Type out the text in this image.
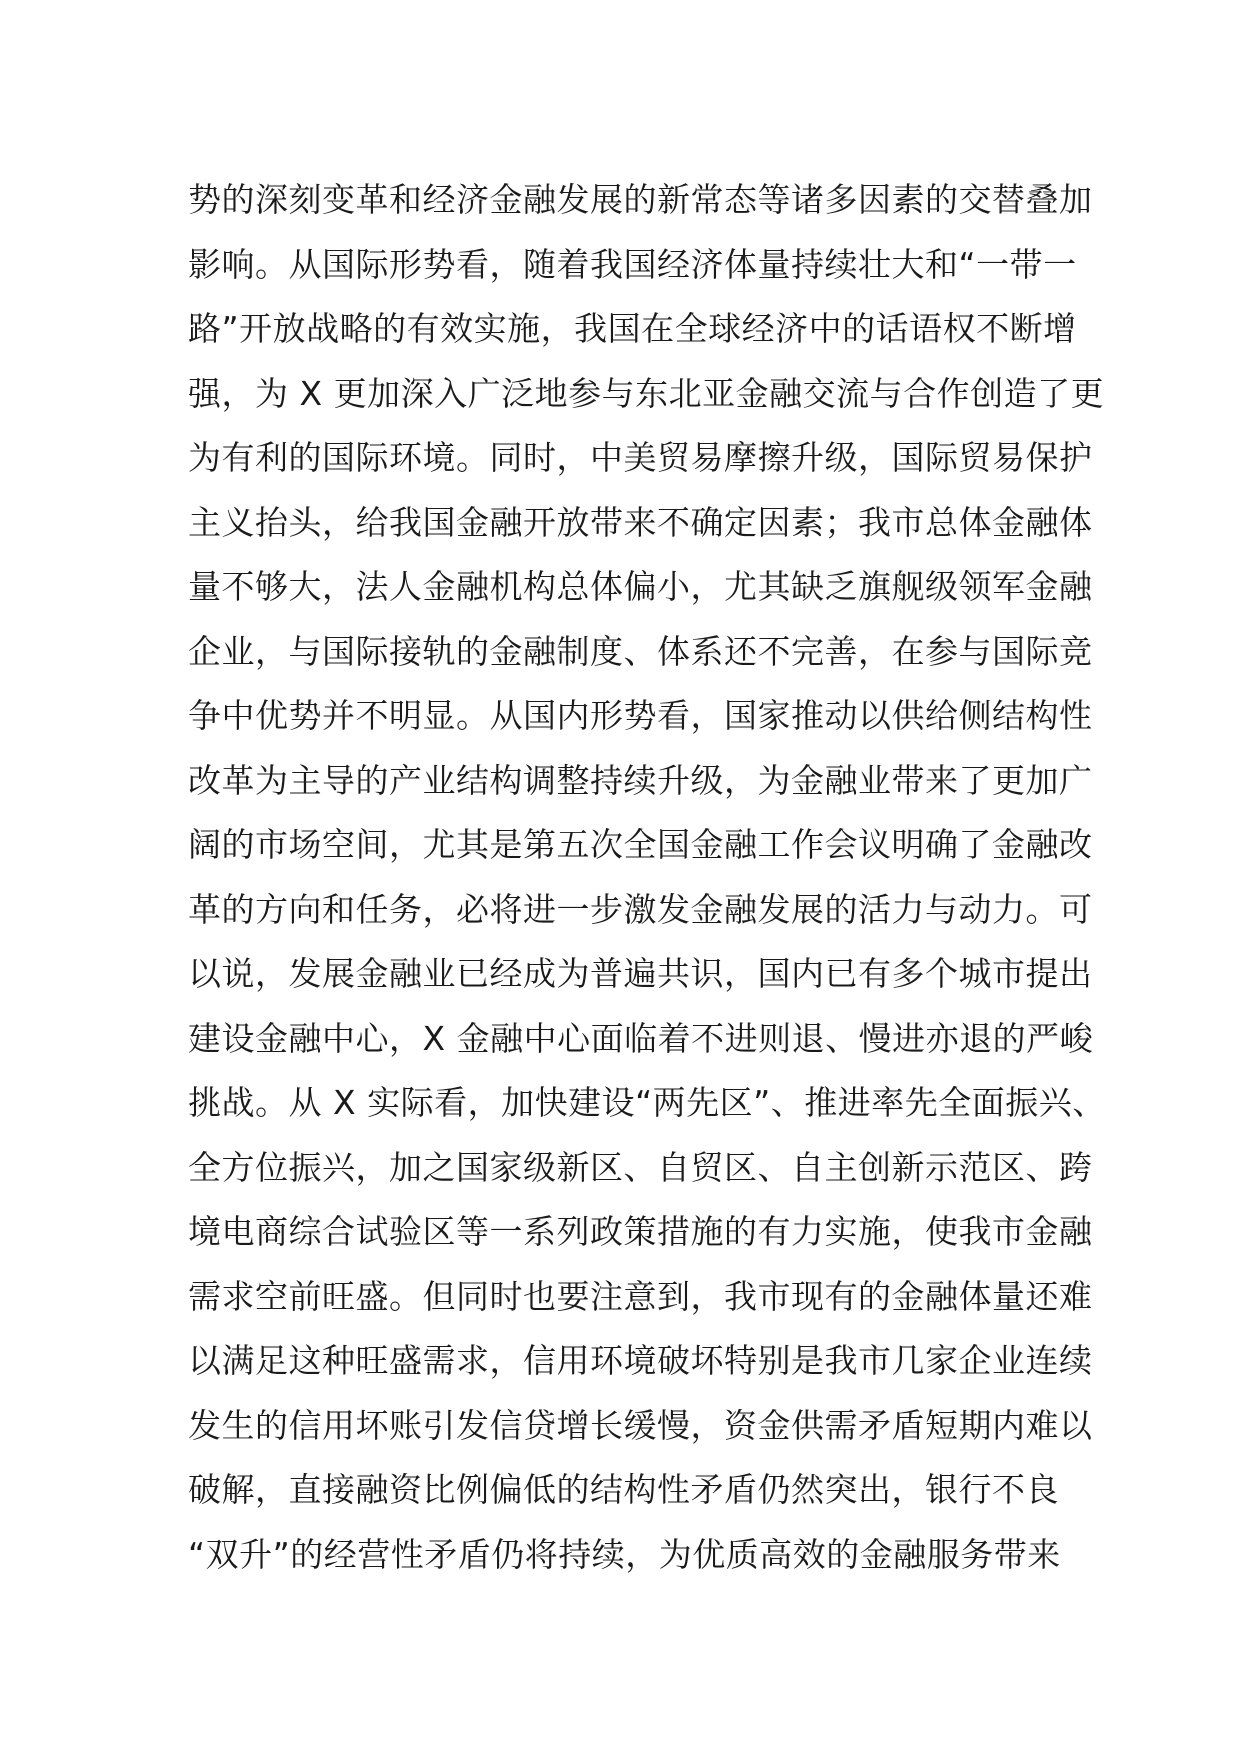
势的深刻变革和经济金融发展的新常态等诸多因素的交替叠加
影响。从国际形势看，随着我国经济体量持续壮大和“一带一
路”开放战略的有效实施，我国在全球经济中的话语权不断增
强，为 X 更加深入广泛地参与东北亚金融交流与合作创造了更
为有利的国际环境。同时，中美贸易摩擦升级，国际贸易保护
主义抬头，给我国金融开放带来不确定因素；我市总体金融体
量不够大，法人金融机构总体偏小，尤其缺乏旗舰级领军金融
企业，与国际接轨的金融制度、体系还不完善，在参与国际竞
争中优势并不明显。从国内形势看，国家推动以供给侧结构性
改革为主导的产业结构调整持续升级，为金融业带来了更加广
阔的市场空间，尤其是第五次全国金融工作会议明确了金融改
革的方向和任务，必将进一步激发金融发展的活力与动力。可
以说，发展金融业已经成为普遍共识，国内已有多个城市提出
建设金融中心，X 金融中心面临着不进则退、慢进亦退的严峻
挑战。从 X 实际看，加快建设“两先区”、推进率先全面振兴、
全方位振兴，加之国家级新区、自贸区、自主创新示范区、跨
境电商综合试验区等一系列政策措施的有力实施，使我市金融
需求空前旺盛。但同时也要注意到，我市现有的金融体量还难
以满足这种旺盛需求，信用环境破坏特别是我市几家企业连续
发生的信用坏账引发信贷增长缓慢，资金供需矛盾短期内难以
破解，直接融资比例偏低的结构性矛盾仍然突出，银行不良
“双升”的经营性矛盾仍将持续，为优质高效的金融服务带来
